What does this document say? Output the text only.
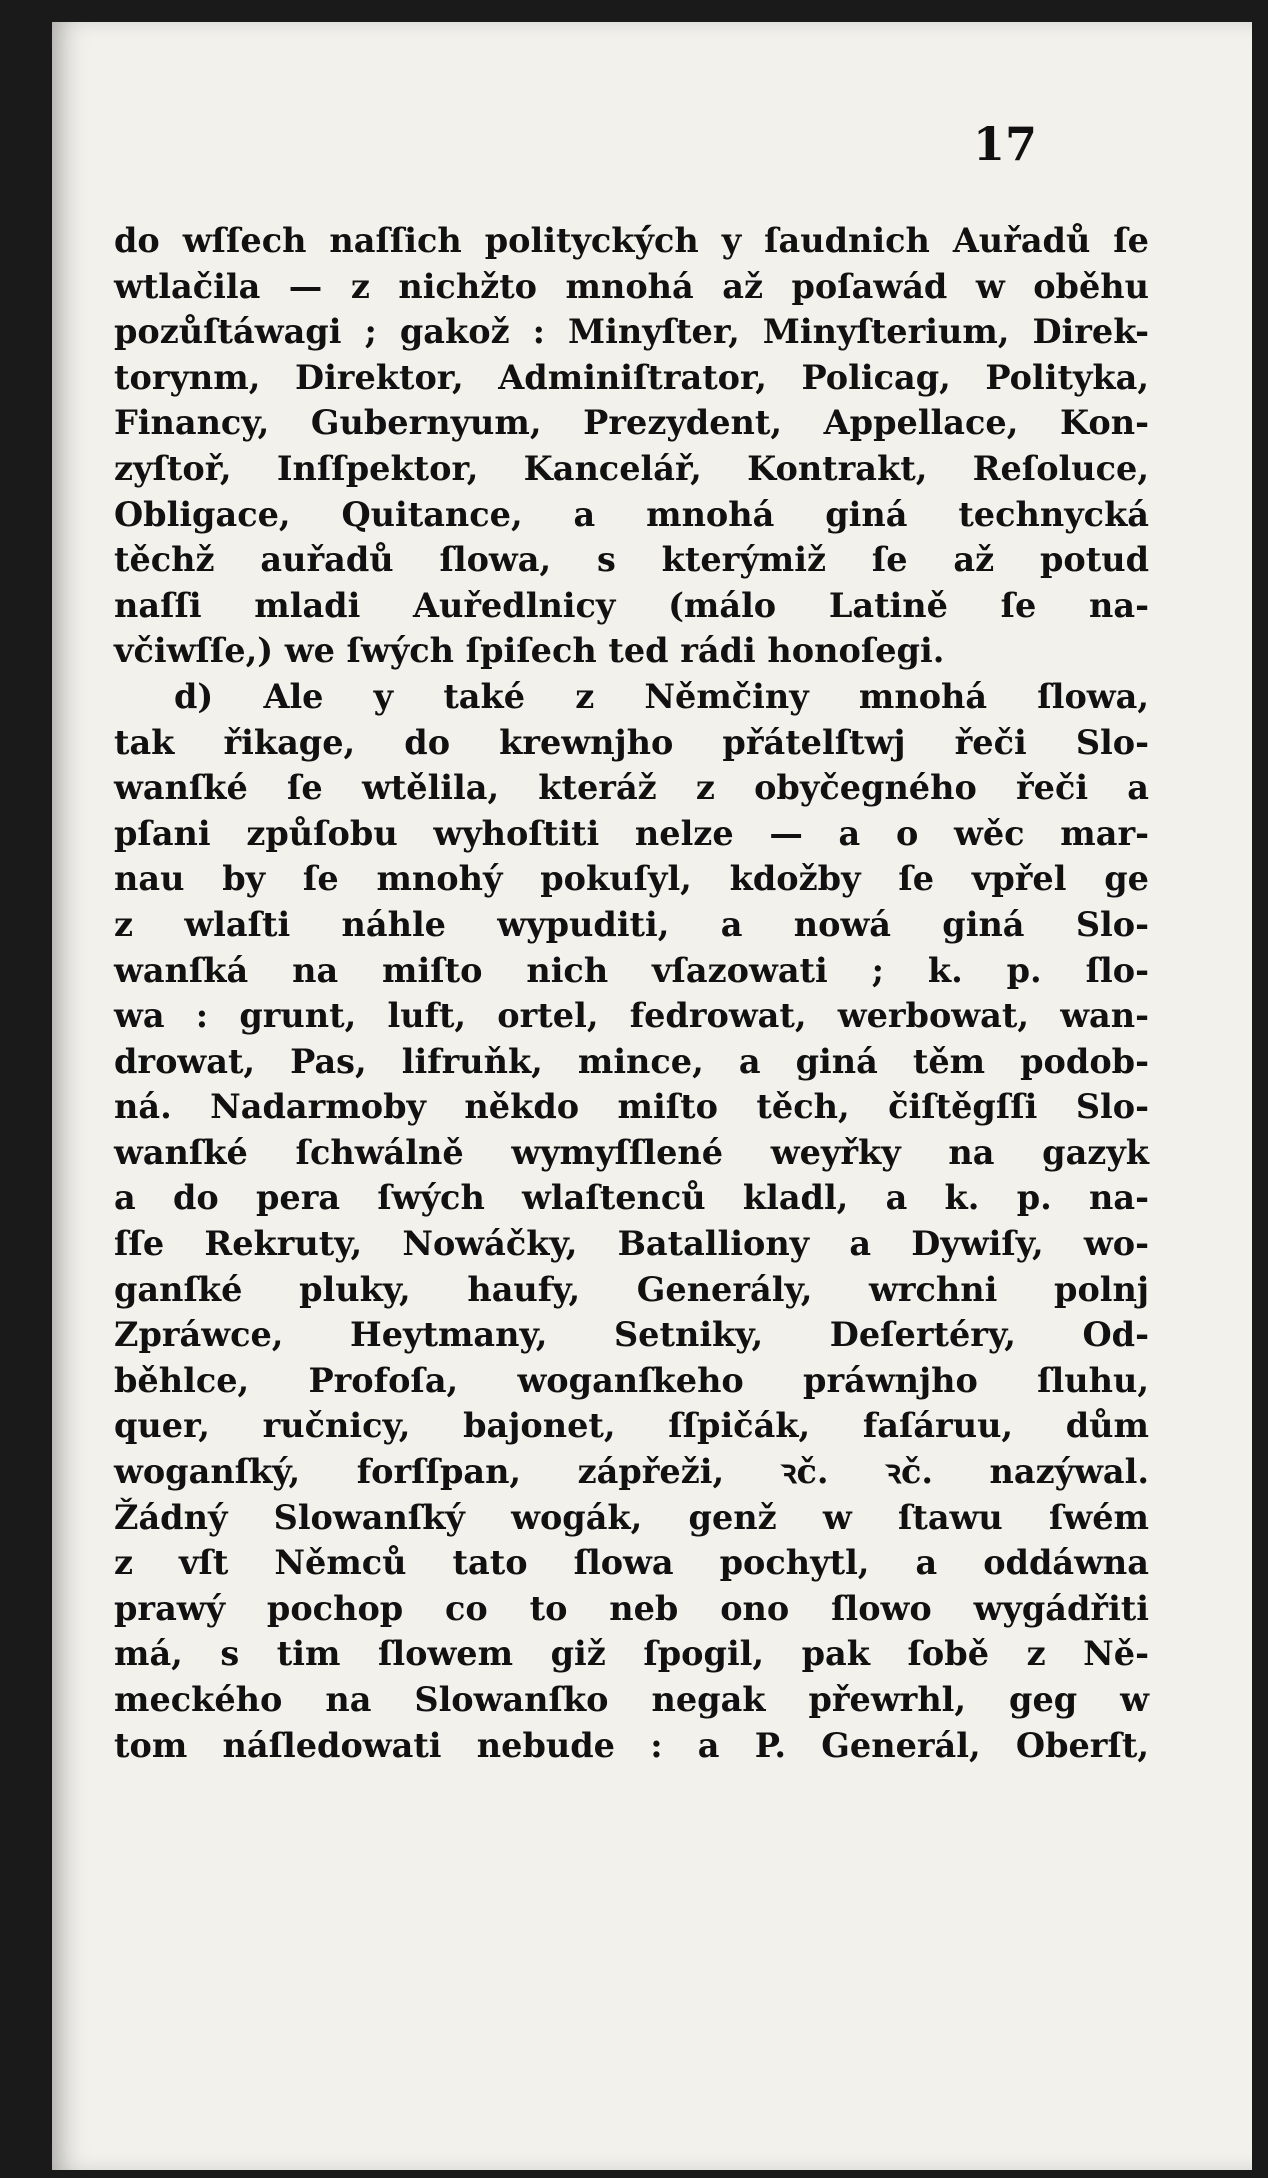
17

do wſſech naſſich politycký́ch y ſaudnich Auřadů ſe
wtlačila — z nichžto mnohá až poſawád w oběhu
pozůſtáwagi ; gakož : Minyſter, Minyſterium, Direk-
torynm, Direktor, Adminiſtrator, Policag, Polityka,
Financy, Gubernyum, Prezydent, Appellace, Kon-
zyſtoř, Inſſpektor, Kancelář, Kontrakt, Reſoluce,
Obligace, Quitance, a mnohá giná technycká
těchž auřadů ſlowa, s kterýmiž ſe až potud
naſſi mladi Auředlnicy (málo Latině ſe na-
včiwſſe,) we ſwých ſpiſech ted rádi honoſegi.
d) Ale y také z Němčiny mnohá ſlowa,
tak řikage, do krewnjho přátelſtwj řeči Slo-
wanſké ſe wtělila, kteráž z obyčegného řeči a
pſani způſobu wyhoſtiti nelze — a o wěc mar-
nau by ſe mnohý pokuſyl, kdožby ſe vpřel ge
z wlaſti náhle wypuditi, a nowá giná Slo-
wanſká na miſto nich vſazowati ; k. p. ſlo-
wa : grunt, luft, ortel, fedrowat, werbowat, wan-
drowat, Pas, lifruňk, mince, a giná těm podob-
ná. Nadarmoby někdo miſto těch, čiſtěgſſi Slo-
wanſké ſchwálně wymyſſlené weyřky na gazyk
a do pera ſwých wlaſtenců kladl, a k. p. na-
ſſe Rekruty, Nowáčky, Batalliony a Dywiſy, wo-
ganſké pluky, haufy, Generály, wrchni polnj
Zpráwce, Heytmany, Setniky, Deſertéry, Od-
běhlce, Profoſa, woganſkeho práwnjho ſluhu,
quer, ručnicy, bajonet, ſſpičák, faſáruu, dům
woganſký, forſſpan, zápřeži, ꝛč. ꝛč. nazýwal.
Žádný Slowanſký wogák, genž w ſtawu ſwém
z vſt Němců tato ſlowa pochytl, a oddáwna
prawý pochop co to neb ono ſlowo wygádřiti
má, s tim ſlowem giž ſpogil, pak ſobě z Ně-
meckého na Slowanſko negak přewrhl, geg w
tom náſledowati nebude : a P. Generál, Oberſt,
